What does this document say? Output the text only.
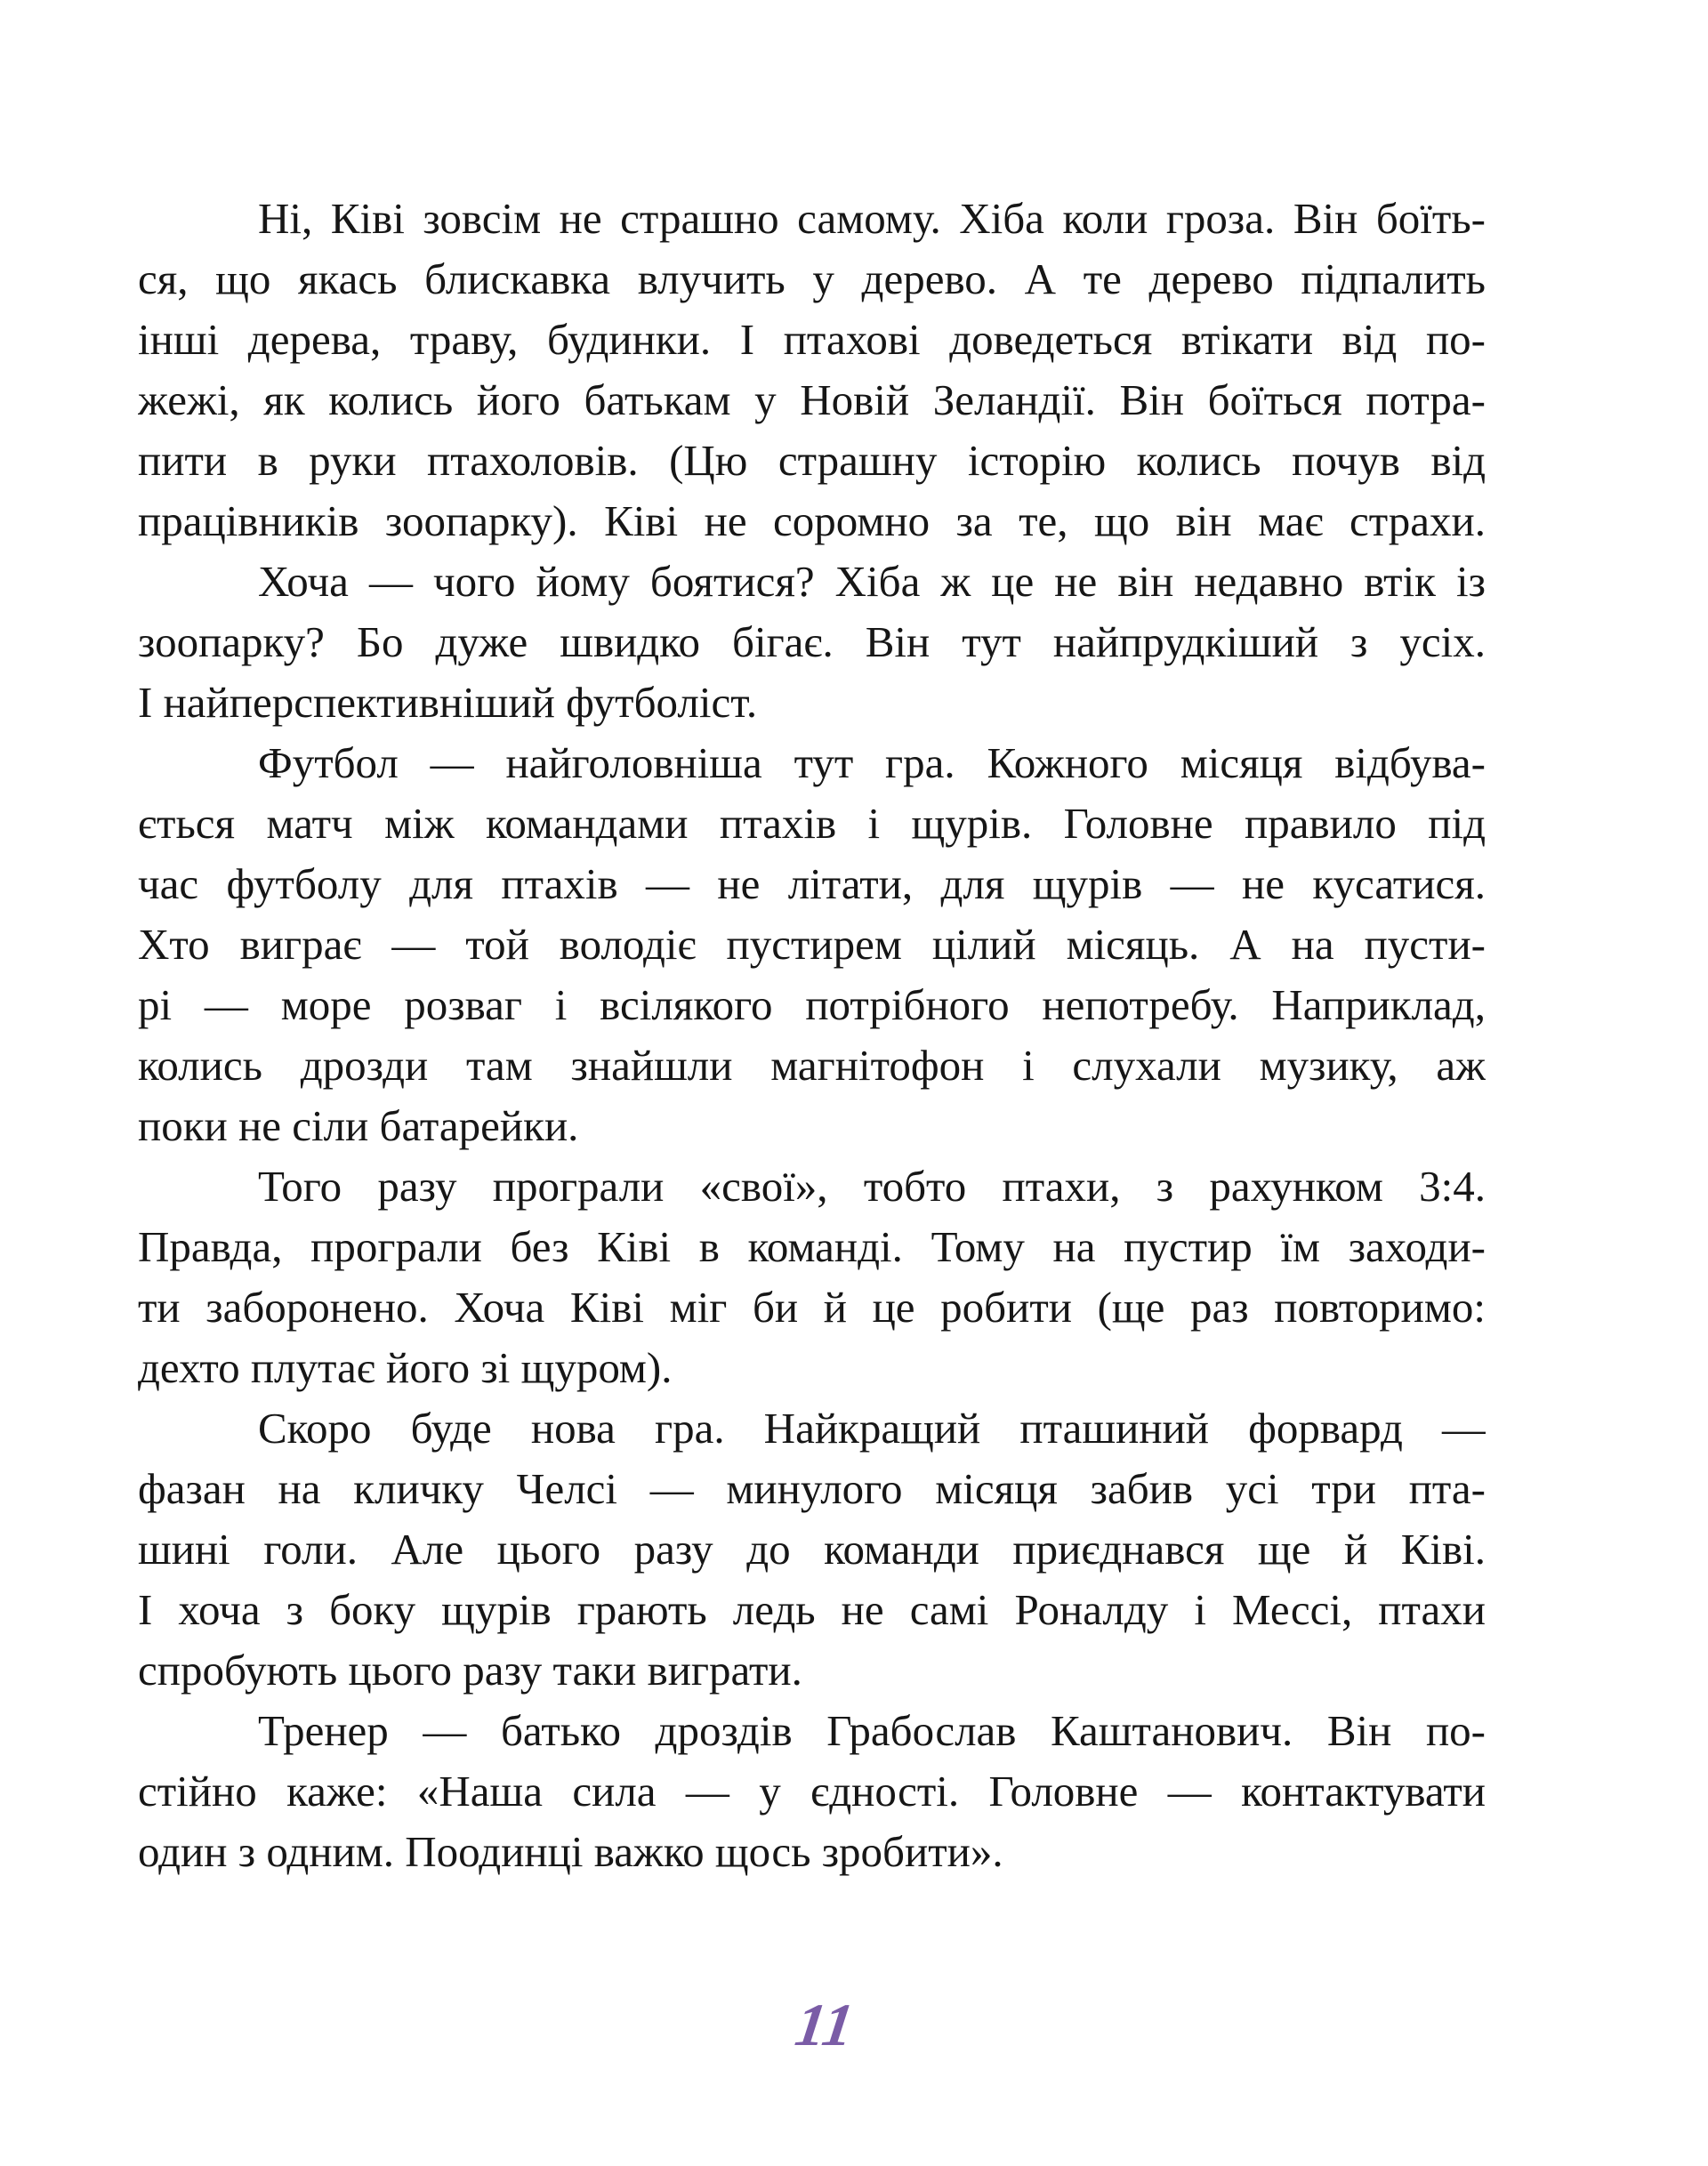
Ні, Ківі зовсім не страшно самому. Хіба коли гроза. Він боїть-
ся, що якась блискавка влучить у дерево. А те дерево підпалить
інші дерева, траву, будинки. І птахові доведеться втікати від по-
жежі, як колись його батькам у Новій Зеландії. Він боїться потра-
пити в руки птахоловів. (Цю страшну історію колись почув від
працівників зоопарку). Ківі не соромно за те, що він має страхи.
Хоча — чого йому боятися? Хіба ж це не він недавно втік із
зоопарку? Бо дуже швидко бігає. Він тут найпрудкіший з усіх.
І найперспективніший футболіст.
Футбол — найголовніша тут гра. Кожного місяця відбува-
ється матч між командами птахів і щурів. Головне правило під
час футболу для птахів — не літати, для щурів — не кусатися.
Хто виграє — той володіє пустирем цілий місяць. А на пусти-
рі — море розваг і всілякого потрібного непотребу. Наприклад,
колись дрозди там знайшли магнітофон і слухали музику, аж
поки не сіли батарейки.
Того разу програли «свої», тобто птахи, з рахунком 3:4.
Правда, програли без Ківі в команді. Тому на пустир їм заходи-
ти заборонено. Хоча Ківі міг би й це робити (ще раз повторимо:
дехто плутає його зі щуром).
Скоро буде нова гра. Найкращий пташиний форвард —
фазан на кличку Челсі — минулого місяця забив усі три пта-
шині голи. Але цього разу до команди приєднався ще й Ківі.
І хоча з боку щурів грають ледь не самі Роналду і Мессі, птахи
спробують цього разу таки виграти.
Тренер — батько дроздів Грабослав Каштанович. Він по-
стійно каже: «Наша сила — у єдності. Головне — контактувати
один з одним. Поодинці важко щось зробити».
11
